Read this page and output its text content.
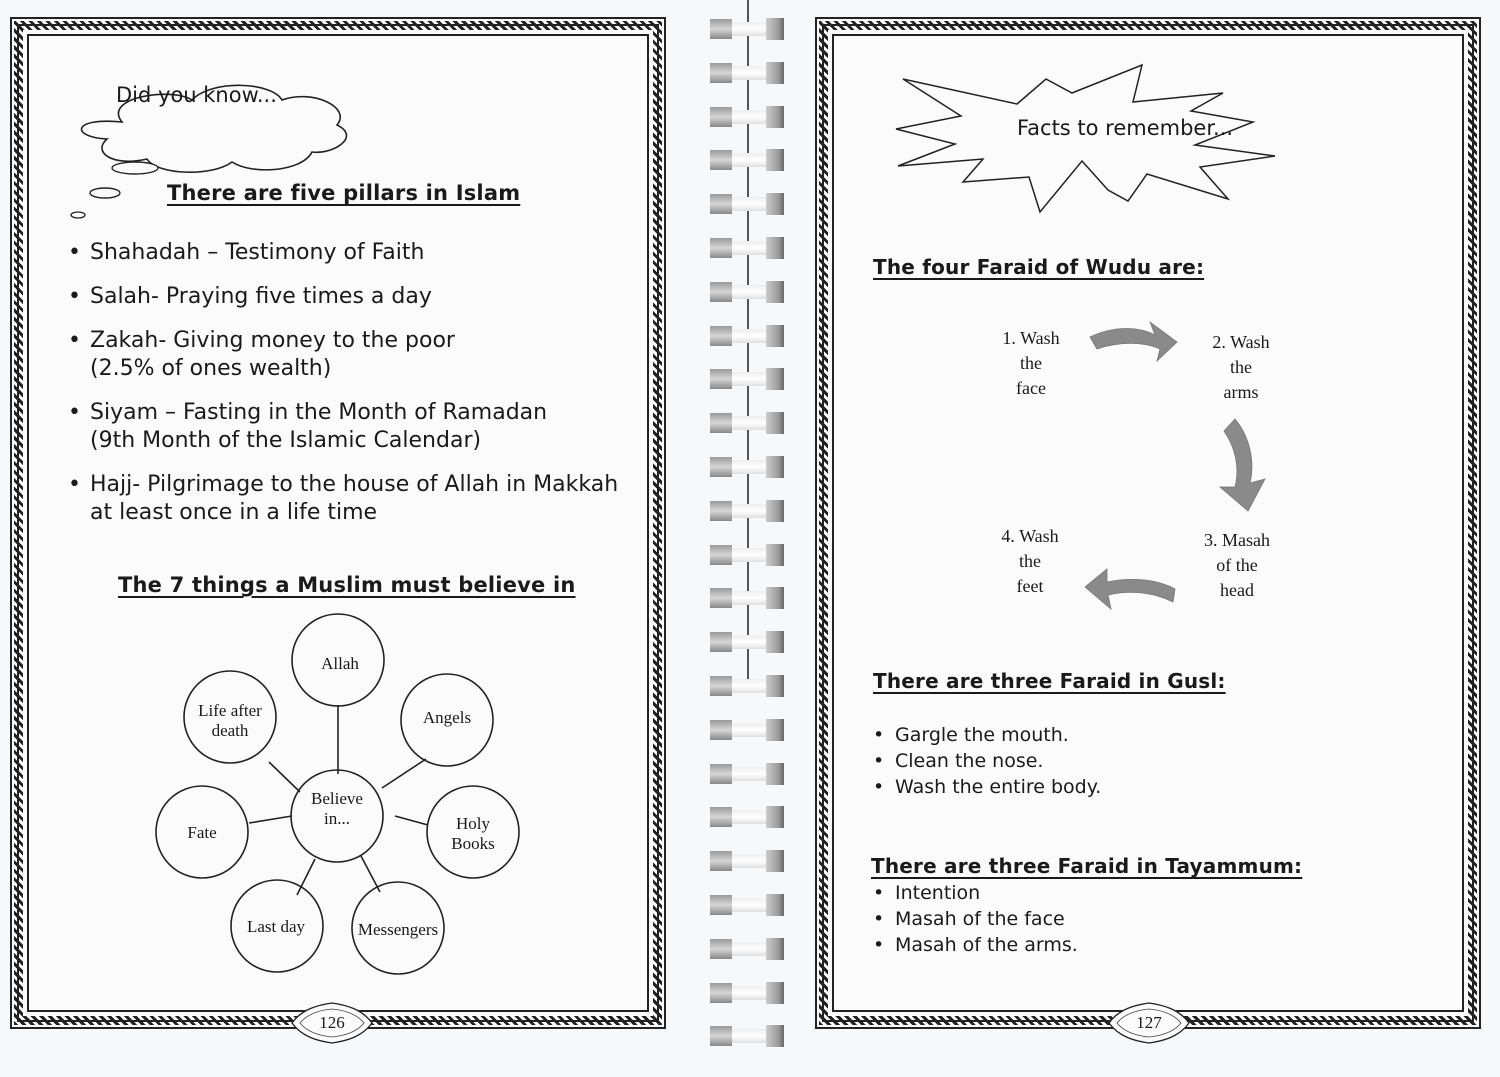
Did you know...
There are five pillars in Islam
• Shahadah – Testimony of Faith
• Salah- Praying five times a day
• Zakah- Giving money to the poor
(2.5% of ones wealth)
• Siyam – Fasting in the Month of Ramadan
(9th Month of the Islamic Calendar)
• Hajj- Pilgrimage to the house of Allah in Makkah
at least once in a life time
The 7 things a Muslim must believe in
Allah
Angels
Holy
Books
Messengers
Last day
Fate
Life after
death
Believe
in...
126
Facts to remember...
The four Faraid of Wudu are:
1. Wash
the
face
2. Wash
the
arms
3. Masah
of the
head
4. Wash
the
feet
There are three Faraid in Gusl:
• Gargle the mouth.
• Clean the nose.
• Wash the entire body.
There are three Faraid in Tayammum:
• Intention
• Masah of the face
• Masah of the arms.
127
